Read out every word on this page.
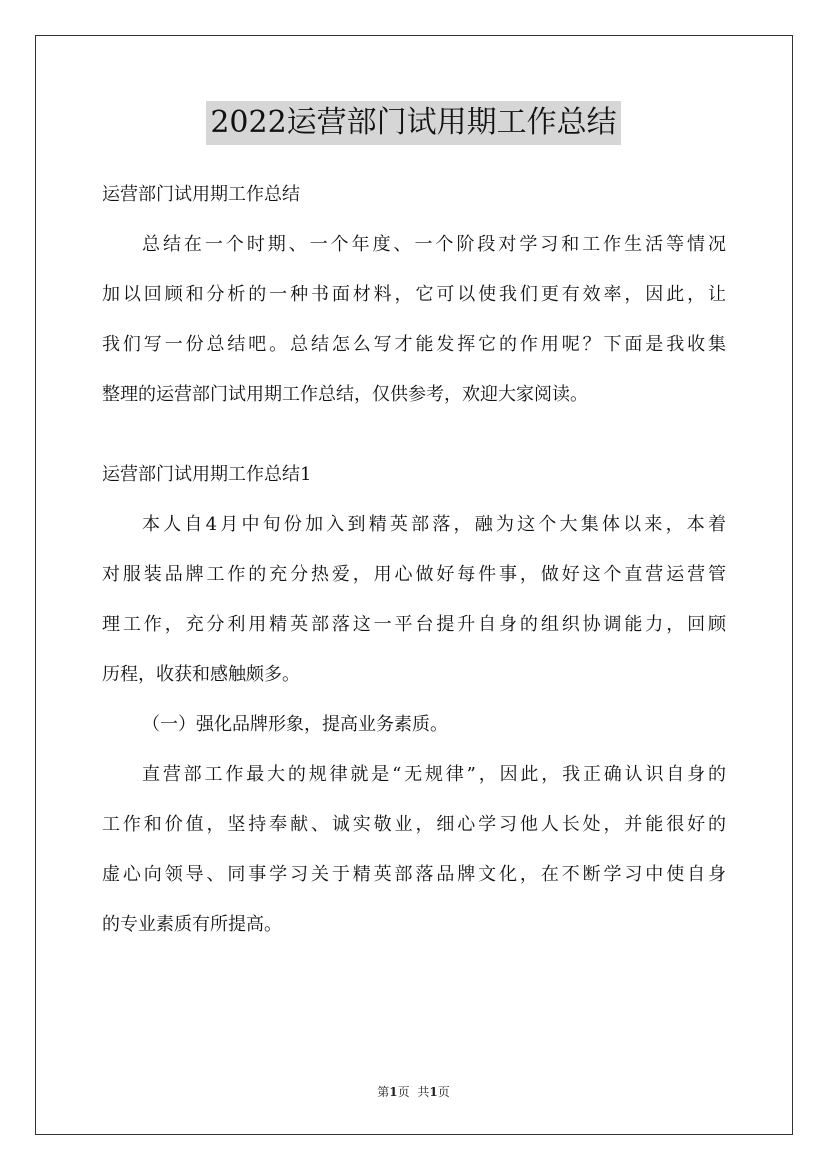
2022运营部门试用期工作总结
运营部门试用期工作总结
总结在一个时期、一个年度、一个阶段对学习和工作生活等情况
加以回顾和分析的一种书面材料，它可以使我们更有效率，因此，让
我们写一份总结吧。总结怎么写才能发挥它的作用呢？下面是我收集
整理的运营部门试用期工作总结，仅供参考，欢迎大家阅读。
运营部门试用期工作总结1
本人自4月中旬份加入到精英部落，融为这个大集体以来，本着
对服装品牌工作的充分热爱，用心做好每件事，做好这个直营运营管
理工作，充分利用精英部落这一平台提升自身的组织协调能力，回顾
历程，收获和感触颇多。
（一）强化品牌形象，提高业务素质。
直营部工作最大的规律就是“无规律”，因此，我正确认识自身的
工作和价值，坚持奉献、诚实敬业，细心学习他人长处，并能很好的
虚心向领导、同事学习关于精英部落品牌文化，在不断学习中使自身
的专业素质有所提高。
第1页 共1页
